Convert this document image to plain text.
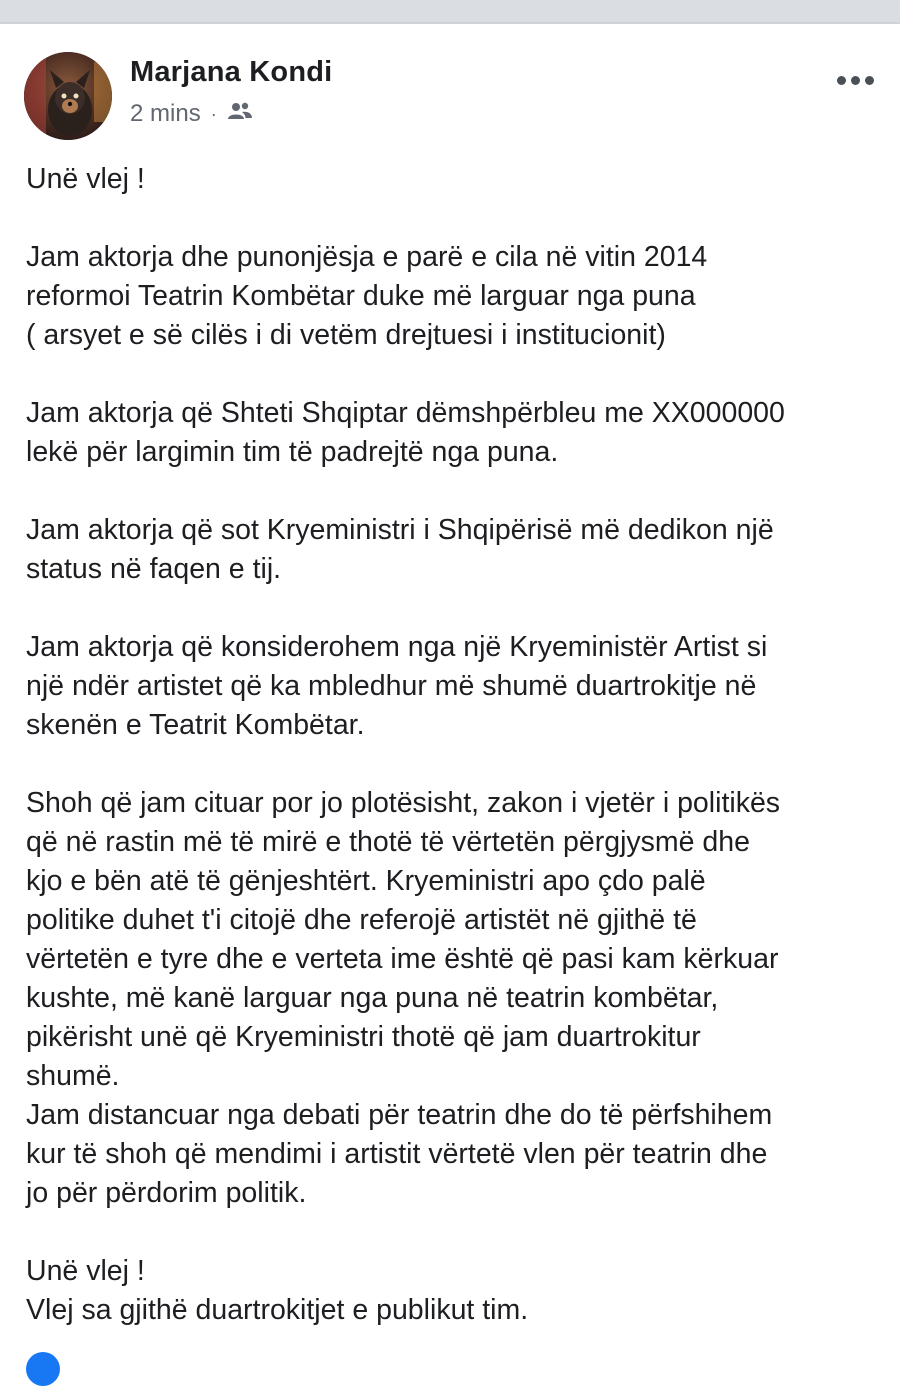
Marjana Kondi
2 mins ·

Unë vlej !

Jam aktorja dhe punonjësja e parë e cila në vitin 2014
reformoi Teatrin Kombëtar duke më larguar nga puna
( arsyet e së cilës i di vetëm drejtuesi i institucionit)

Jam aktorja që Shteti Shqiptar dëmshpërbleu me XX000000
lekë për largimin tim të padrejtë nga puna.

Jam aktorja që sot Kryeministri i Shqipërisë më dedikon një
status në faqen e tij.

Jam aktorja që konsiderohem nga një Kryeministër Artist si
një ndër artistet që ka mbledhur më shumë duartrokitje në
skenën e Teatrit Kombëtar.

Shoh që jam cituar por jo plotësisht, zakon i vjetër i politikës
që në rastin më të mirë e thotë të vërtetën përgjysmë dhe
kjo e bën atë të gënjeshtërt. Kryeministri apo çdo palë
politike duhet t'i citojë dhe referojë artistët në gjithë të
vërtetën e tyre dhe e verteta ime është që pasi kam kërkuar
kushte, më kanë larguar nga puna në teatrin kombëtar,
pikërisht unë që Kryeministri thotë që jam duartrokitur
shumë.

Jam distancuar nga debati për teatrin dhe do të përfshihem
kur të shoh që mendimi i artistit vërtetë vlen për teatrin dhe
jo për përdorim politik.

Unë vlej !
Vlej sa gjithë duartrokitjet e publikut tim.
